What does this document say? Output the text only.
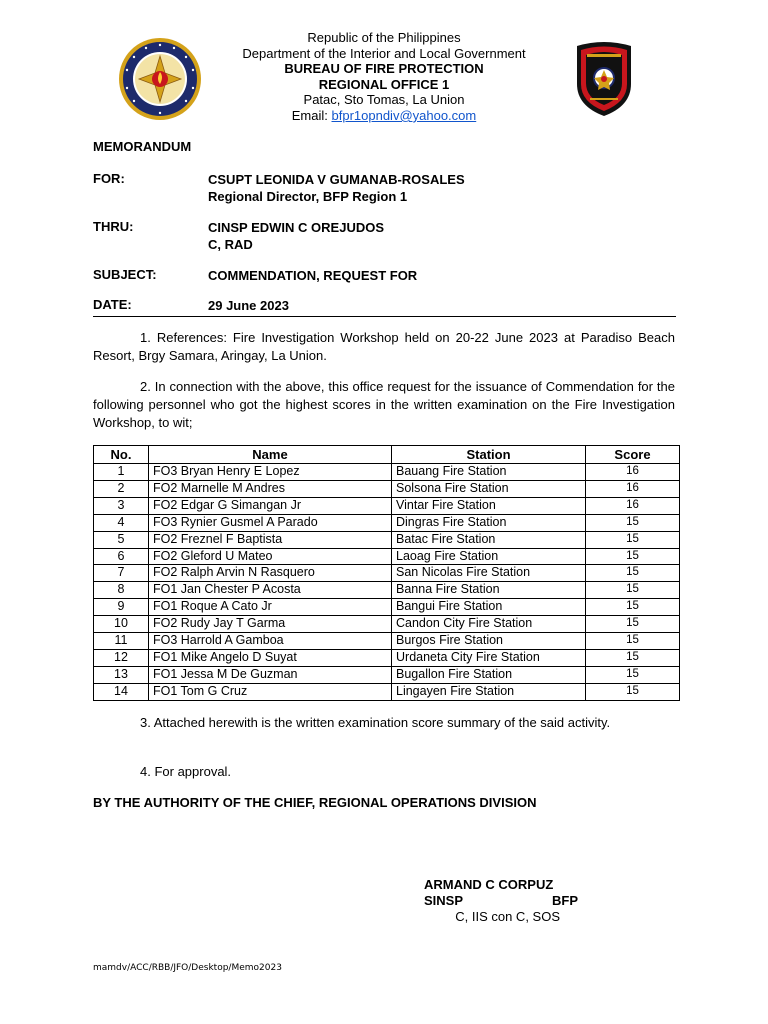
Republic of the Philippines
Department of the Interior and Local Government
BUREAU OF FIRE PROTECTION
REGIONAL OFFICE 1
Patac, Sto Tomas, La Union
Email: bfpr1opndiv@yahoo.com
MEMORANDUM
FOR:	CSUPT LEONIDA V GUMANAB-ROSALES
Regional Director, BFP Region 1
THRU:	CINSP EDWIN C OREJUDOS
C, RAD
SUBJECT:	COMMENDATION, REQUEST FOR
DATE:	29 June 2023
1. References: Fire Investigation Workshop held on 20-22 June 2023 at Paradiso Beach Resort, Brgy Samara, Aringay, La Union.
2. In connection with the above, this office request for the issuance of Commendation for the following personnel who got the highest scores in the written examination on the Fire Investigation Workshop, to wit;
No.	Name	Station	Score
1	FO3 Bryan Henry E Lopez	Bauang Fire Station	16
2	FO2 Marnelle M Andres	Solsona Fire Station	16
3	FO2 Edgar G Simangan Jr	Vintar Fire Station	16
4	FO3 Rynier Gusmel A Parado	Dingras Fire Station	15
5	FO2 Freznel F Baptista	Batac Fire Station	15
6	FO2 Gleford U Mateo	Laoag Fire Station	15
7	FO2 Ralph Arvin N Rasquero	San Nicolas Fire Station	15
8	FO1 Jan Chester P Acosta	Banna Fire Station	15
9	FO1 Roque A Cato Jr	Bangui Fire Station	15
10	FO2 Rudy Jay T Garma	Candon City Fire Station	15
11	FO3 Harrold A Gamboa	Burgos Fire Station	15
12	FO1 Mike Angelo D Suyat	Urdaneta City Fire Station	15
13	FO1 Jessa M De Guzman	Bugallon Fire Station	15
14	FO1 Tom G Cruz	Lingayen Fire Station	15
3. Attached herewith is the written examination score summary of the said activity.
4. For approval.
BY THE AUTHORITY OF THE CHIEF, REGIONAL OPERATIONS DIVISION
ARMAND C CORPUZ
SINSP	BFP
C, IIS con C, SOS
mamdv/ACC/RBB/JFO/Desktop/Memo2023
